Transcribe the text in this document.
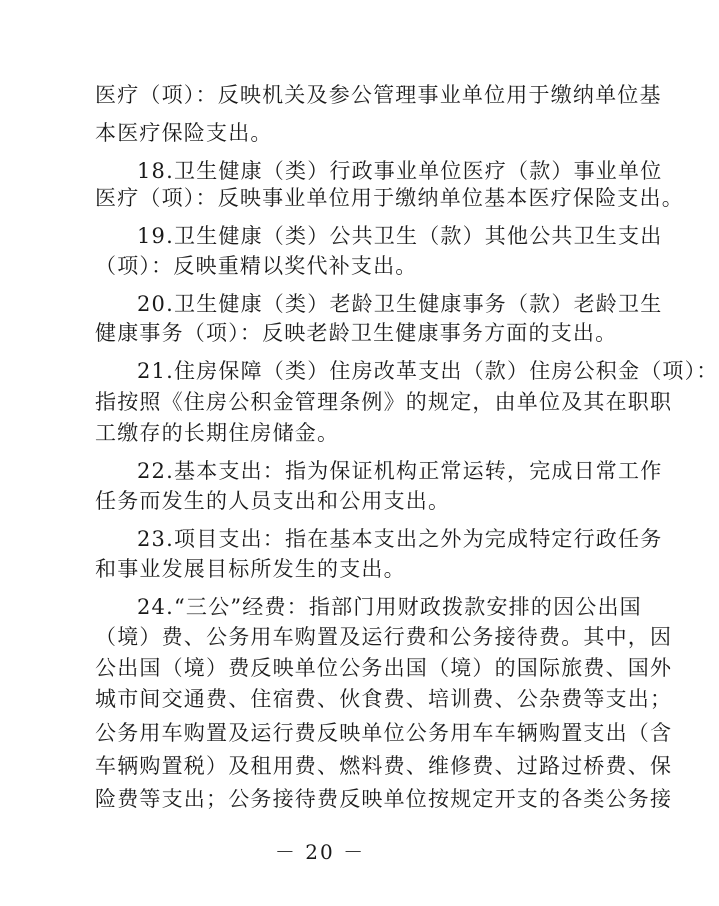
医疗（项）：反映机关及参公管理事业单位用于缴纳单位基
本医疗保险支出。
18.卫生健康（类）行政事业单位医疗（款）事业单位
医疗（项）：反映事业单位用于缴纳单位基本医疗保险支出。
19.卫生健康（类）公共卫生（款）其他公共卫生支出
（项）：反映重精以奖代补支出。
20.卫生健康（类）老龄卫生健康事务（款）老龄卫生
健康事务（项）：反映老龄卫生健康事务方面的支出。
21.住房保障（类）住房改革支出（款）住房公积金（项）：
指按照《住房公积金管理条例》的规定，由单位及其在职职
工缴存的长期住房储金。
22.基本支出：指为保证机构正常运转，完成日常工作
任务而发生的人员支出和公用支出。
23.项目支出：指在基本支出之外为完成特定行政任务
和事业发展目标所发生的支出。
24.“三公”经费：指部门用财政拨款安排的因公出国
（境）费、公务用车购置及运行费和公务接待费。其中，因
公出国（境）费反映单位公务出国（境）的国际旅费、国外
城市间交通费、住宿费、伙食费、培训费、公杂费等支出；
公务用车购置及运行费反映单位公务用车车辆购置支出（含
车辆购置税）及租用费、燃料费、维修费、过路过桥费、保
险费等支出；公务接待费反映单位按规定开支的各类公务接
－ 20 －
